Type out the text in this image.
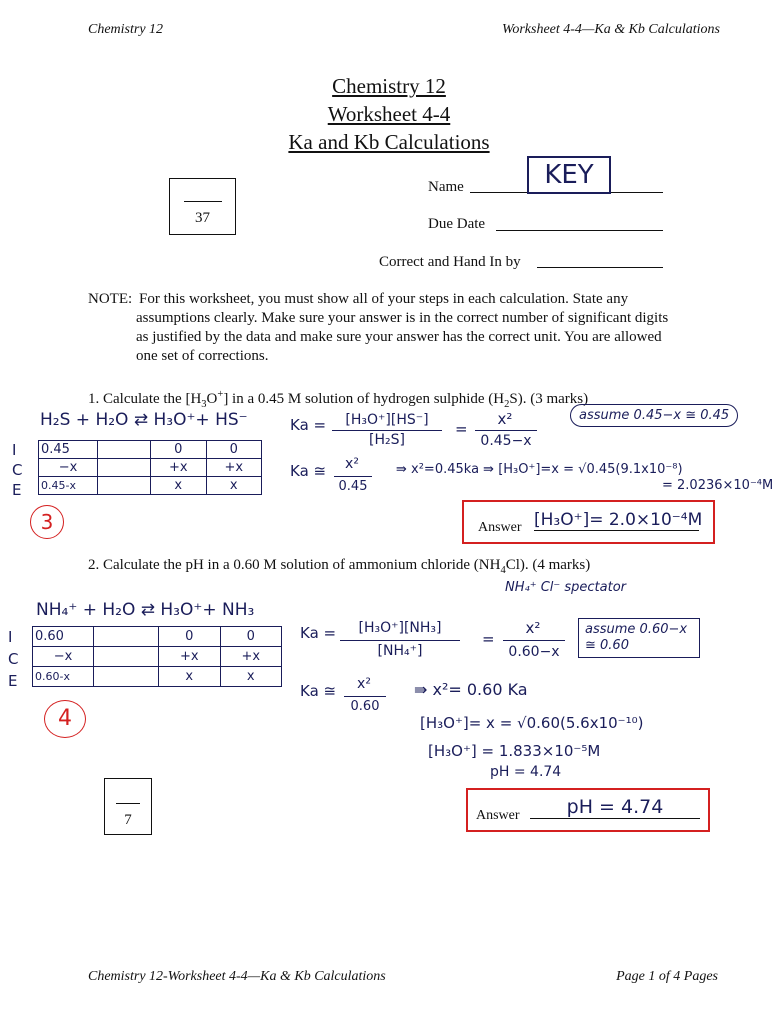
Chemistry 12	Worksheet 4-4—Ka & Kb Calculations
Chemistry 12
Worksheet 4-4
Ka and Kb Calculations
37
Name	KEY
Due Date
Correct and Hand In by
NOTE: For this worksheet, you must show all of your steps in each calculation. State any
assumptions clearly. Make sure your answer is in the correct number of significant digits as justified by the data and make sure your answer has the correct unit. You are allowed one set of corrections.
1. Calculate the $[H_3O^+]$ in a 0.45 M solution of hydrogen sulphide $(H_2S)$. (3 marks)
H₂S + H₂O ⇄ H₃O⁺+ HS⁻
I
C
E
0.45		0	0
−x		+x	+x
0.45-x		x	x
Ka =	[H₃O⁺][HS⁻]
[H₂S]
=
x²
0.45−x
assume 0.45−x ≅ 0.45
Ka ≅	x²
0.45
⇛ x²=0.45ka ⇛ [H₃O⁺]=x = √0.45(9.1x10⁻⁸)
= 2.0236×10⁻⁴M
3	Answer [H₃O⁺]= 2.0×10⁻⁴M
2. Calculate the pH in a 0.60 M solution of ammonium chloride $(NH_4Cl)$. (4 marks)
NH₄⁺ Cl⁻ spectator
NH₄⁺ + H₂O ⇄ H₃O⁺+ NH₃
I
C
E
0.60		0	0
−x		+x	+x
0.60-x		x	x
4
Ka =	[H₃O⁺][NH₃]
[NH₄⁺]
=
x²
0.60−x
assume 0.60−x ≅ 0.60
Ka ≅	x²
0.60
⇛ x²= 0.60 Ka
[H₃O⁺]= x = √0.60(5.6x10⁻¹⁰)
[H₃O⁺] = 1.833×10⁻⁵M
pH = 4.74
7	Answer	pH = 4.74
Chemistry 12-Worksheet 4-4—Ka & Kb Calculations	Page 1 of 4 Pages
